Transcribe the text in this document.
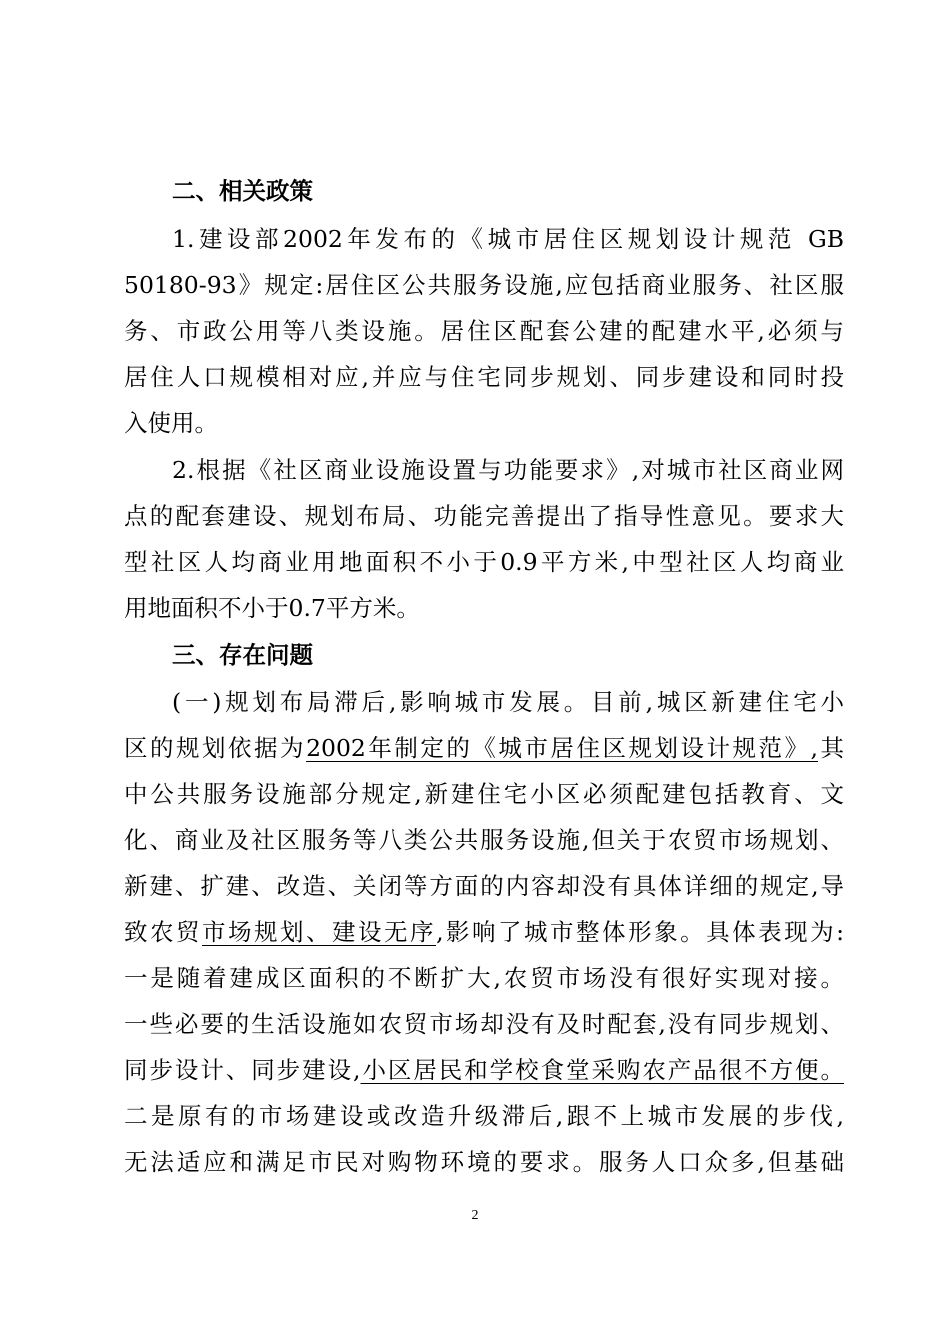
二、相关政策
1.建设部2002年发布的《城市居住区规划设计规范 GB
50180-93》规定:居住区公共服务设施,应包括商业服务、社区服
务、市政公用等八类设施。居住区配套公建的配建水平,必须与
居住人口规模相对应,并应与住宅同步规划、同步建设和同时投
入使用。
2.根据《社区商业设施设置与功能要求》,对城市社区商业网
点的配套建设、规划布局、功能完善提出了指导性意见。要求大
型社区人均商业用地面积不小于0.9平方米,中型社区人均商业
用地面积不小于0.7平方米。
三、存在问题
(一)规划布局滞后,影响城市发展。目前,城区新建住宅小
区的规划依据为2002年制定的《城市居住区规划设计规范》,其
中公共服务设施部分规定,新建住宅小区必须配建包括教育、文
化、商业及社区服务等八类公共服务设施,但关于农贸市场规划、
新建、扩建、改造、关闭等方面的内容却没有具体详细的规定,导
致农贸市场规划、建设无序,影响了城市整体形象。具体表现为:
一是随着建成区面积的不断扩大,农贸市场没有很好实现对接。
一些必要的生活设施如农贸市场却没有及时配套,没有同步规划、
同步设计、同步建设,小区居民和学校食堂采购农产品很不方便。
二是原有的市场建设或改造升级滞后,跟不上城市发展的步伐,
无法适应和满足市民对购物环境的要求。服务人口众多,但基础
2
